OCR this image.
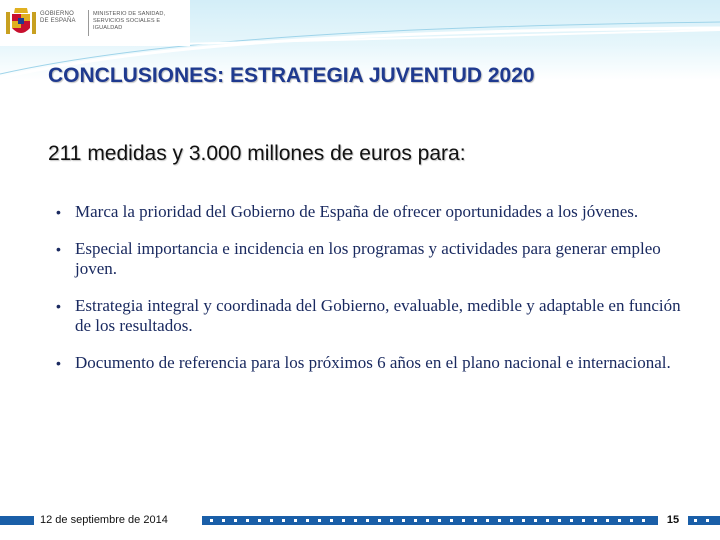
GOBIERNO DE ESPAÑA
MINISTERIO DE SANIDAD, SERVICIOS SOCIALES E IGUALDAD
CONCLUSIONES: ESTRATEGIA JUVENTUD 2020
211 medidas y 3.000 millones de euros para:
• Marca la prioridad del Gobierno de España de ofrecer oportunidades a los jóvenes.
• Especial importancia e incidencia en los programas y actividades para generar empleo joven.
• Estrategia integral y coordinada del Gobierno, evaluable, medible y adaptable en función de los resultados.
• Documento de referencia para los próximos 6 años en el plano nacional e internacional.
12 de septiembre de 2014	15
